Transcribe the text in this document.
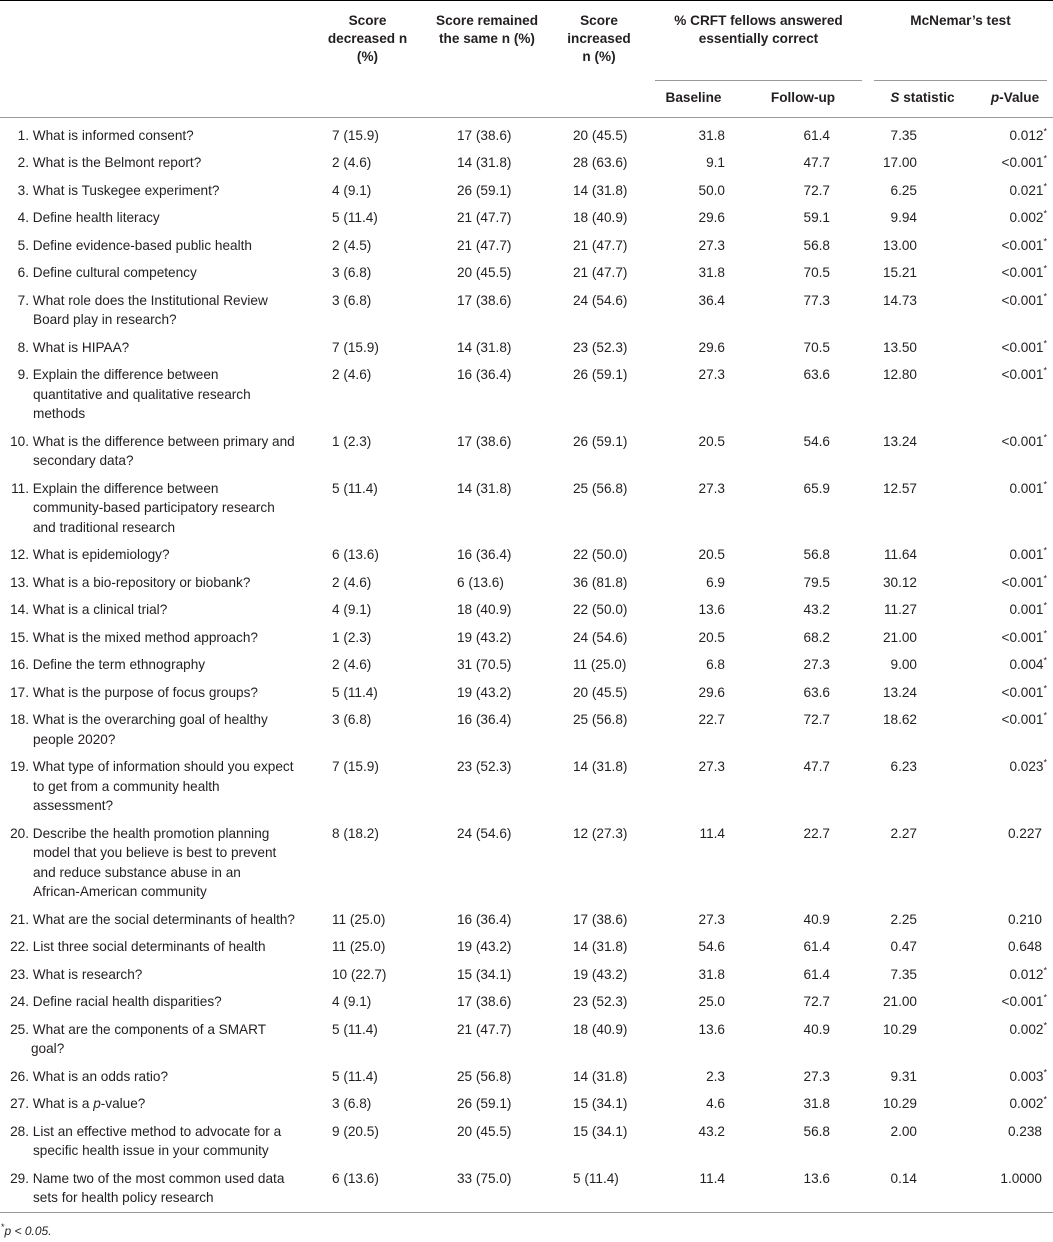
	Score decreased n (%)	Score remained the same n (%)	Score increased n (%)	% CRFT fellows answered essentially correct		McNemar’s test	
				Baseline	Follow-up	S statistic	p-Value

1. What is informed consent?	7 (15.9)	17 (38.6)	20 (45.5)	31.8	61.4	7.35	0.012*

2. What is the Belmont report?	2 (4.6)	14 (31.8)	28 (63.6)	9.1	47.7	17.00	<0.001*

3. What is Tuskegee experiment?	4 (9.1)	26 (59.1)	14 (31.8)	50.0	72.7	6.25	0.021*

4. Define health literacy	5 (11.4)	21 (47.7)	18 (40.9)	29.6	59.1	9.94	0.002*

5. Define evidence-based public health	2 (4.5)	21 (47.7)	21 (47.7)	27.3	56.8	13.00	<0.001*

6. Define cultural competency	3 (6.8)	20 (45.5)	21 (47.7)	31.8	70.5	15.21	<0.001*

7. What role does the Institutional Review
Board play in research?	3 (6.8)	17 (38.6)	24 (54.6)	36.4	77.3	14.73	<0.001*

8. What is HIPAA?	7 (15.9)	14 (31.8)	23 (52.3)	29.6	70.5	13.50	<0.001*

9. Explain the difference between
quantitative and qualitative research
methods	2 (4.6)	16 (36.4)	26 (59.1)	27.3	63.6	12.80	<0.001*

10. What is the difference between primary and
secondary data?	1 (2.3)	17 (38.6)	26 (59.1)	20.5	54.6	13.24	<0.001*

11. Explain the difference between
community-based participatory research
and traditional research	5 (11.4)	14 (31.8)	25 (56.8)	27.3	65.9	12.57	0.001*

12. What is epidemiology?	6 (13.6)	16 (36.4)	22 (50.0)	20.5	56.8	11.64	0.001*

13. What is a bio-repository or biobank?	2 (4.6)	6 (13.6)	36 (81.8)	6.9	79.5	30.12	<0.001*

14. What is a clinical trial?	4 (9.1)	18 (40.9)	22 (50.0)	13.6	43.2	11.27	0.001*

15. What is the mixed method approach?	1 (2.3)	19 (43.2)	24 (54.6)	20.5	68.2	21.00	<0.001*

16. Define the term ethnography	2 (4.6)	31 (70.5)	11 (25.0)	6.8	27.3	9.00	0.004*

17. What is the purpose of focus groups?	5 (11.4)	19 (43.2)	20 (45.5)	29.6	63.6	13.24	<0.001*

18. What is the overarching goal of healthy
people 2020?	3 (6.8)	16 (36.4)	25 (56.8)	22.7	72.7	18.62	<0.001*

19. What type of information should you expect
to get from a community health
assessment?	7 (15.9)	23 (52.3)	14 (31.8)	27.3	47.7	6.23	0.023*

20. Describe the health promotion planning
model that you believe is best to prevent
and reduce substance abuse in an
African-American community	8 (18.2)	24 (54.6)	12 (27.3)	11.4	22.7	2.27	0.227

21. What are the social determinants of health?	11 (25.0)	16 (36.4)	17 (38.6)	27.3	40.9	2.25	0.210

22. List three social determinants of health	11 (25.0)	19 (43.2)	14 (31.8)	54.6	61.4	0.47	0.648

23. What is research?	10 (22.7)	15 (34.1)	19 (43.2)	31.8	61.4	7.35	0.012*

24. Define racial health disparities?	4 (9.1)	17 (38.6)	23 (52.3)	25.0	72.7	21.00	<0.001*

25. What are the components of a SMART goal?	5 (11.4)	21 (47.7)	18 (40.9)	13.6	40.9	10.29	0.002*

26. What is an odds ratio?	5 (11.4)	25 (56.8)	14 (31.8)	2.3	27.3	9.31	0.003*

27. What is a p-value?	3 (6.8)	26 (59.1)	15 (34.1)	4.6	31.8	10.29	0.002*

28. List an effective method to advocate for a
specific health issue in your community	9 (20.5)	20 (45.5)	15 (34.1)	43.2	56.8	2.00	0.238

29. Name two of the most common used data
sets for health policy research	6 (13.6)	33 (75.0)	5 (11.4)	11.4	13.6	0.14	1.0000
*p < 0.05.
